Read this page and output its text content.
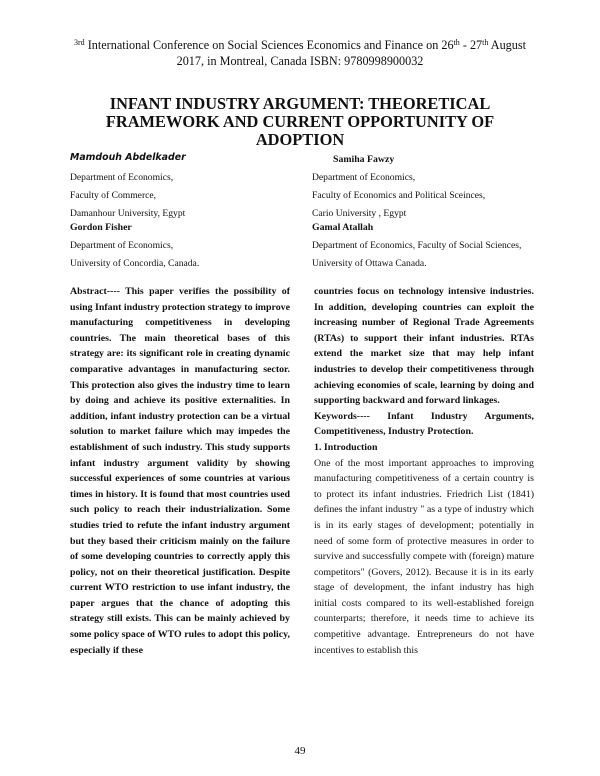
$^{3rd}$ International Conference on Social Sciences Economics and Finance on 26th - 27th August
2017, in Montreal, Canada ISBN: 9780998900032
INFANT INDUSTRY ARGUMENT: THEORETICAL
FRAMEWORK AND CURRENT OPPORTUNITY OF
ADOPTION
Mamdouh Abdelkader
Department of Economics,
Faculty of Commerce,
Damanhour University, Egypt
Samiha Fawzy
Department of Economics,
Faculty of Economics and Political Sceinces,
Cario University , Egypt
Gordon Fisher
Department of Economics,
University of Concordia, Canada.
Gamal Atallah
Department of Economics, Faculty of Social Sciences,
University of Ottawa Canada.

Abstract---- This paper verifies the possibility of using Infant industry protection strategy to improve manufacturing competitiveness in developing countries. The main theoretical bases of this strategy are: its significant role in creating dynamic comparative advantages in manufacturing sector. This protection also gives the industry time to learn by doing and achieve its positive externalities. In addition, infant industry protection can be a virtual solution to market failure which may impedes the establishment of such industry. This study supports infant industry argument validity by showing successful experiences of some countries at various times in history. It is found that most countries used such policy to reach their industrialization. Some studies tried to refute the infant industry argument but they based their criticism mainly on the failure of some developing countries to correctly apply this policy, not on their theoretical justification. Despite current WTO restriction to use infant industry, the paper argues that the chance of adopting this strategy still exists. This can be mainly achieved by some policy space of WTO rules to adopt this policy, especially if these

countries focus on technology intensive industries. In addition, developing countries can exploit the increasing number of Regional Trade Agreements (RTAs) to support their infant industries. RTAs extend the market size that may help infant industries to develop their competitiveness through achieving economies of scale, learning by doing and supporting backward and forward linkages.

Keywords---- Infant Industry Arguments, Competitiveness, Industry Protection.

1. Introduction

One of the most important approaches to improving manufacturing competitiveness of a certain country is to protect its infant industries. Friedrich List (1841) defines the infant industry " as a type of industry which is in its early stages of development; potentially in need of some form of protective measures in order to survive and successfully compete with (foreign) mature competitors" (Govers, 2012). Because it is in its early stage of development, the infant industry has high initial costs compared to its well-established foreign counterparts; therefore, it needs time to achieve its competitive advantage. Entrepreneurs do not have incentives to establish this

49
